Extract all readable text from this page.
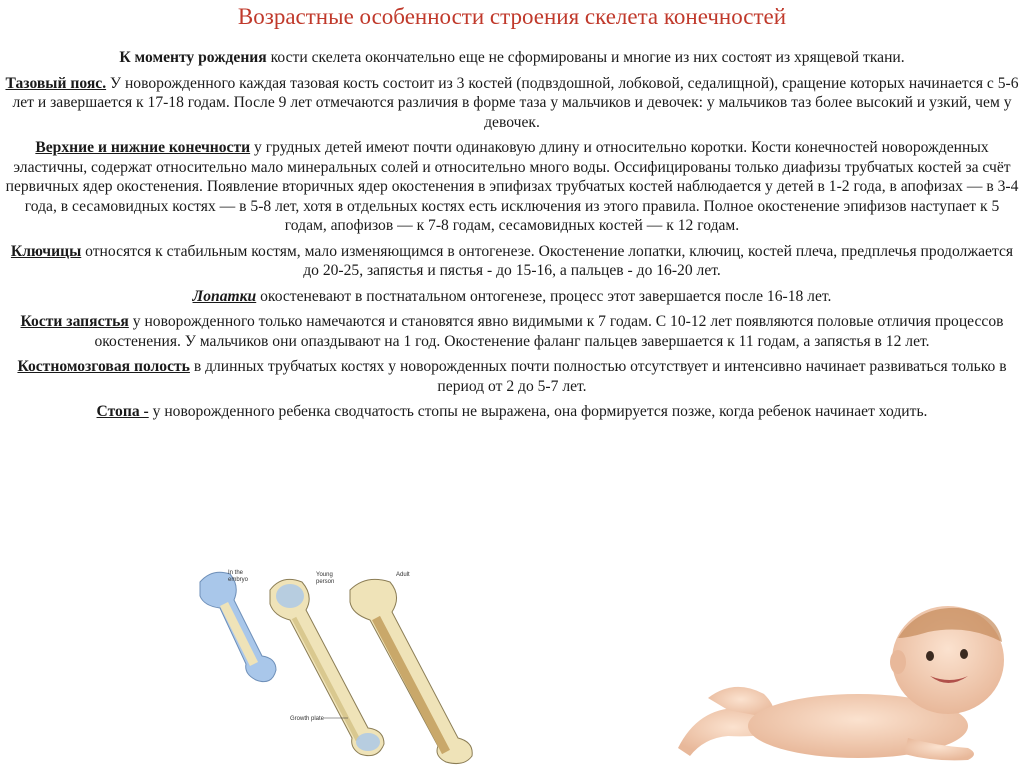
Возрастные особенности строения скелета конечностей

К моменту рождения кости скелета окончательно еще не сформированы и многие из них состоят из хрящевой ткани.

Тазовый пояс. У новорожденного каждая тазовая кость состоит из 3 костей (подвздошной, лобковой, седалищной), сращение которых начинается с 5-6 лет и завершается к 17-18 годам. После 9 лет отмечаются различия в форме таза у мальчиков и девочек: у мальчиков таз более высокий и узкий, чем у девочек.

Верхние и нижние конечности у грудных детей имеют почти одинаковую длину и относительно коротки. Кости конечностей новорожденных эластичны, содержат относительно мало минеральных солей и относительно много воды. Оссифицированы только диафизы трубчатых костей за счёт первичных ядер окостенения. Появление вторичных ядер окостенения в эпифизах трубчатых костей наблюдается у детей в 1-2 года, в апофизах — в 3-4 года, в сесамовидных костях — в 5-8 лет, хотя в отдельных костях есть исключения из этого правила. Полное окостенение эпифизов наступает к 5 годам, апофизов — к 7-8 годам, сесамовидных костей — к 12 годам.

Ключицы относятся к стабильным костям, мало изменяющимся в онтогенезе. Окостенение лопатки, ключиц, костей плеча, предплечья продолжается до 20-25, запястья и пястья - до 15-16, а пальцев - до 16-20 лет.

Лопатки окостеневают в постнатальном онтогенезе, процесс этот завершается после 16-18 лет.

Кости запястья у новорожденного только намечаются и становятся явно видимыми к 7 годам. С 10-12 лет появляются половые отличия процессов окостенения. У мальчиков они опаздывают на 1 год. Окостенение фаланг пальцев завершается к 11 годам, а запястья в 12 лет.

Костномозговая полость в длинных трубчатых костях у новорожденных почти полностью отсутствует и интенсивно начинает развиваться только в период от 2 до 5-7 лет.

Стопа - у новорожденного ребенка сводчатость стопы не выражена, она формируется позже, когда ребенок начинает ходить.

In the
embryo
Young
person
Adult
Growth plate
